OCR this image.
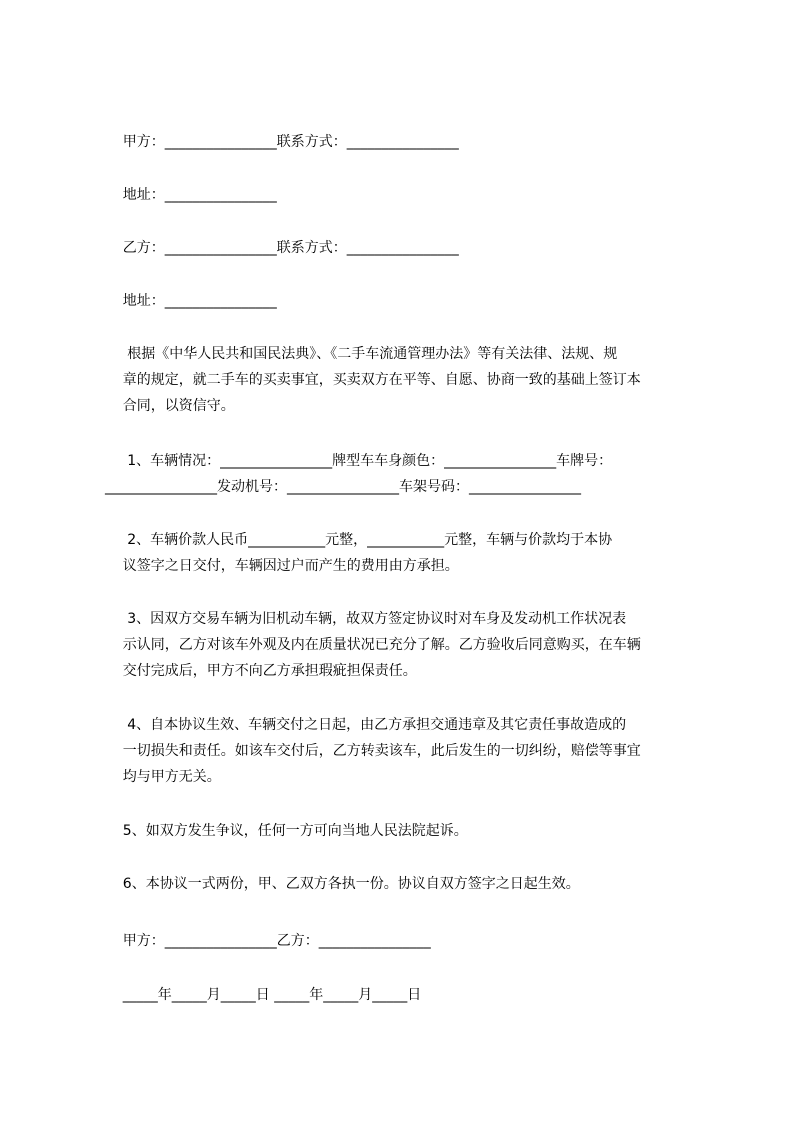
甲方：________________联系方式：________________
地址：________________
乙方：________________联系方式：________________
地址：________________
根据《中华人民共和国民法典》、《二手车流通管理办法》等有关法律、法规、规
章的规定，就二手车的买卖事宜，买卖双方在平等、自愿、协商一致的基础上签订本
合同，以资信守。
1、车辆情况：________________牌型车车身颜色：________________车牌号：
________________发动机号：________________车架号码：________________
2、车辆价款人民币___________元整，___________元整，车辆与价款均于本协
议签字之日交付，车辆因过户而产生的费用由方承担。
3、因双方交易车辆为旧机动车辆，故双方签定协议时对车身及发动机工作状况表
示认同，乙方对该车外观及内在质量状况已充分了解。乙方验收后同意购买，在车辆
交付完成后，甲方不向乙方承担瑕疵担保责任。
4、自本协议生效、车辆交付之日起，由乙方承担交通违章及其它责任事故造成的
一切损失和责任。如该车交付后，乙方转卖该车，此后发生的一切纠纷，赔偿等事宜
均与甲方无关。
5、如双方发生争议，任何一方可向当地人民法院起诉。
6、本协议一式两份，甲、乙双方各执一份。协议自双方签字之日起生效。
甲方：________________乙方：________________
_____年_____月_____日 _____年_____月_____日
